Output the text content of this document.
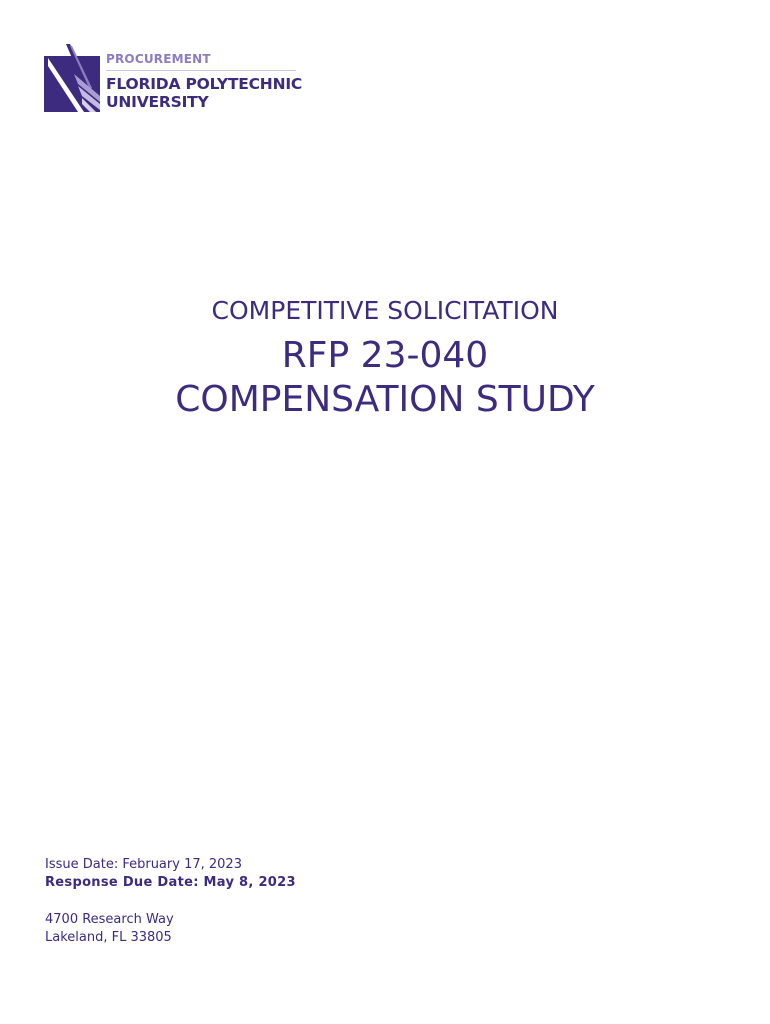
PROCUREMENT
FLORIDA POLYTECHNIC
UNIVERSITY

COMPETITIVE SOLICITATION

RFP 23-040

COMPENSATION STUDY

Issue Date: February 17, 2023

Response Due Date: May 8, 2023

4700 Research Way
Lakeland, FL 33805
